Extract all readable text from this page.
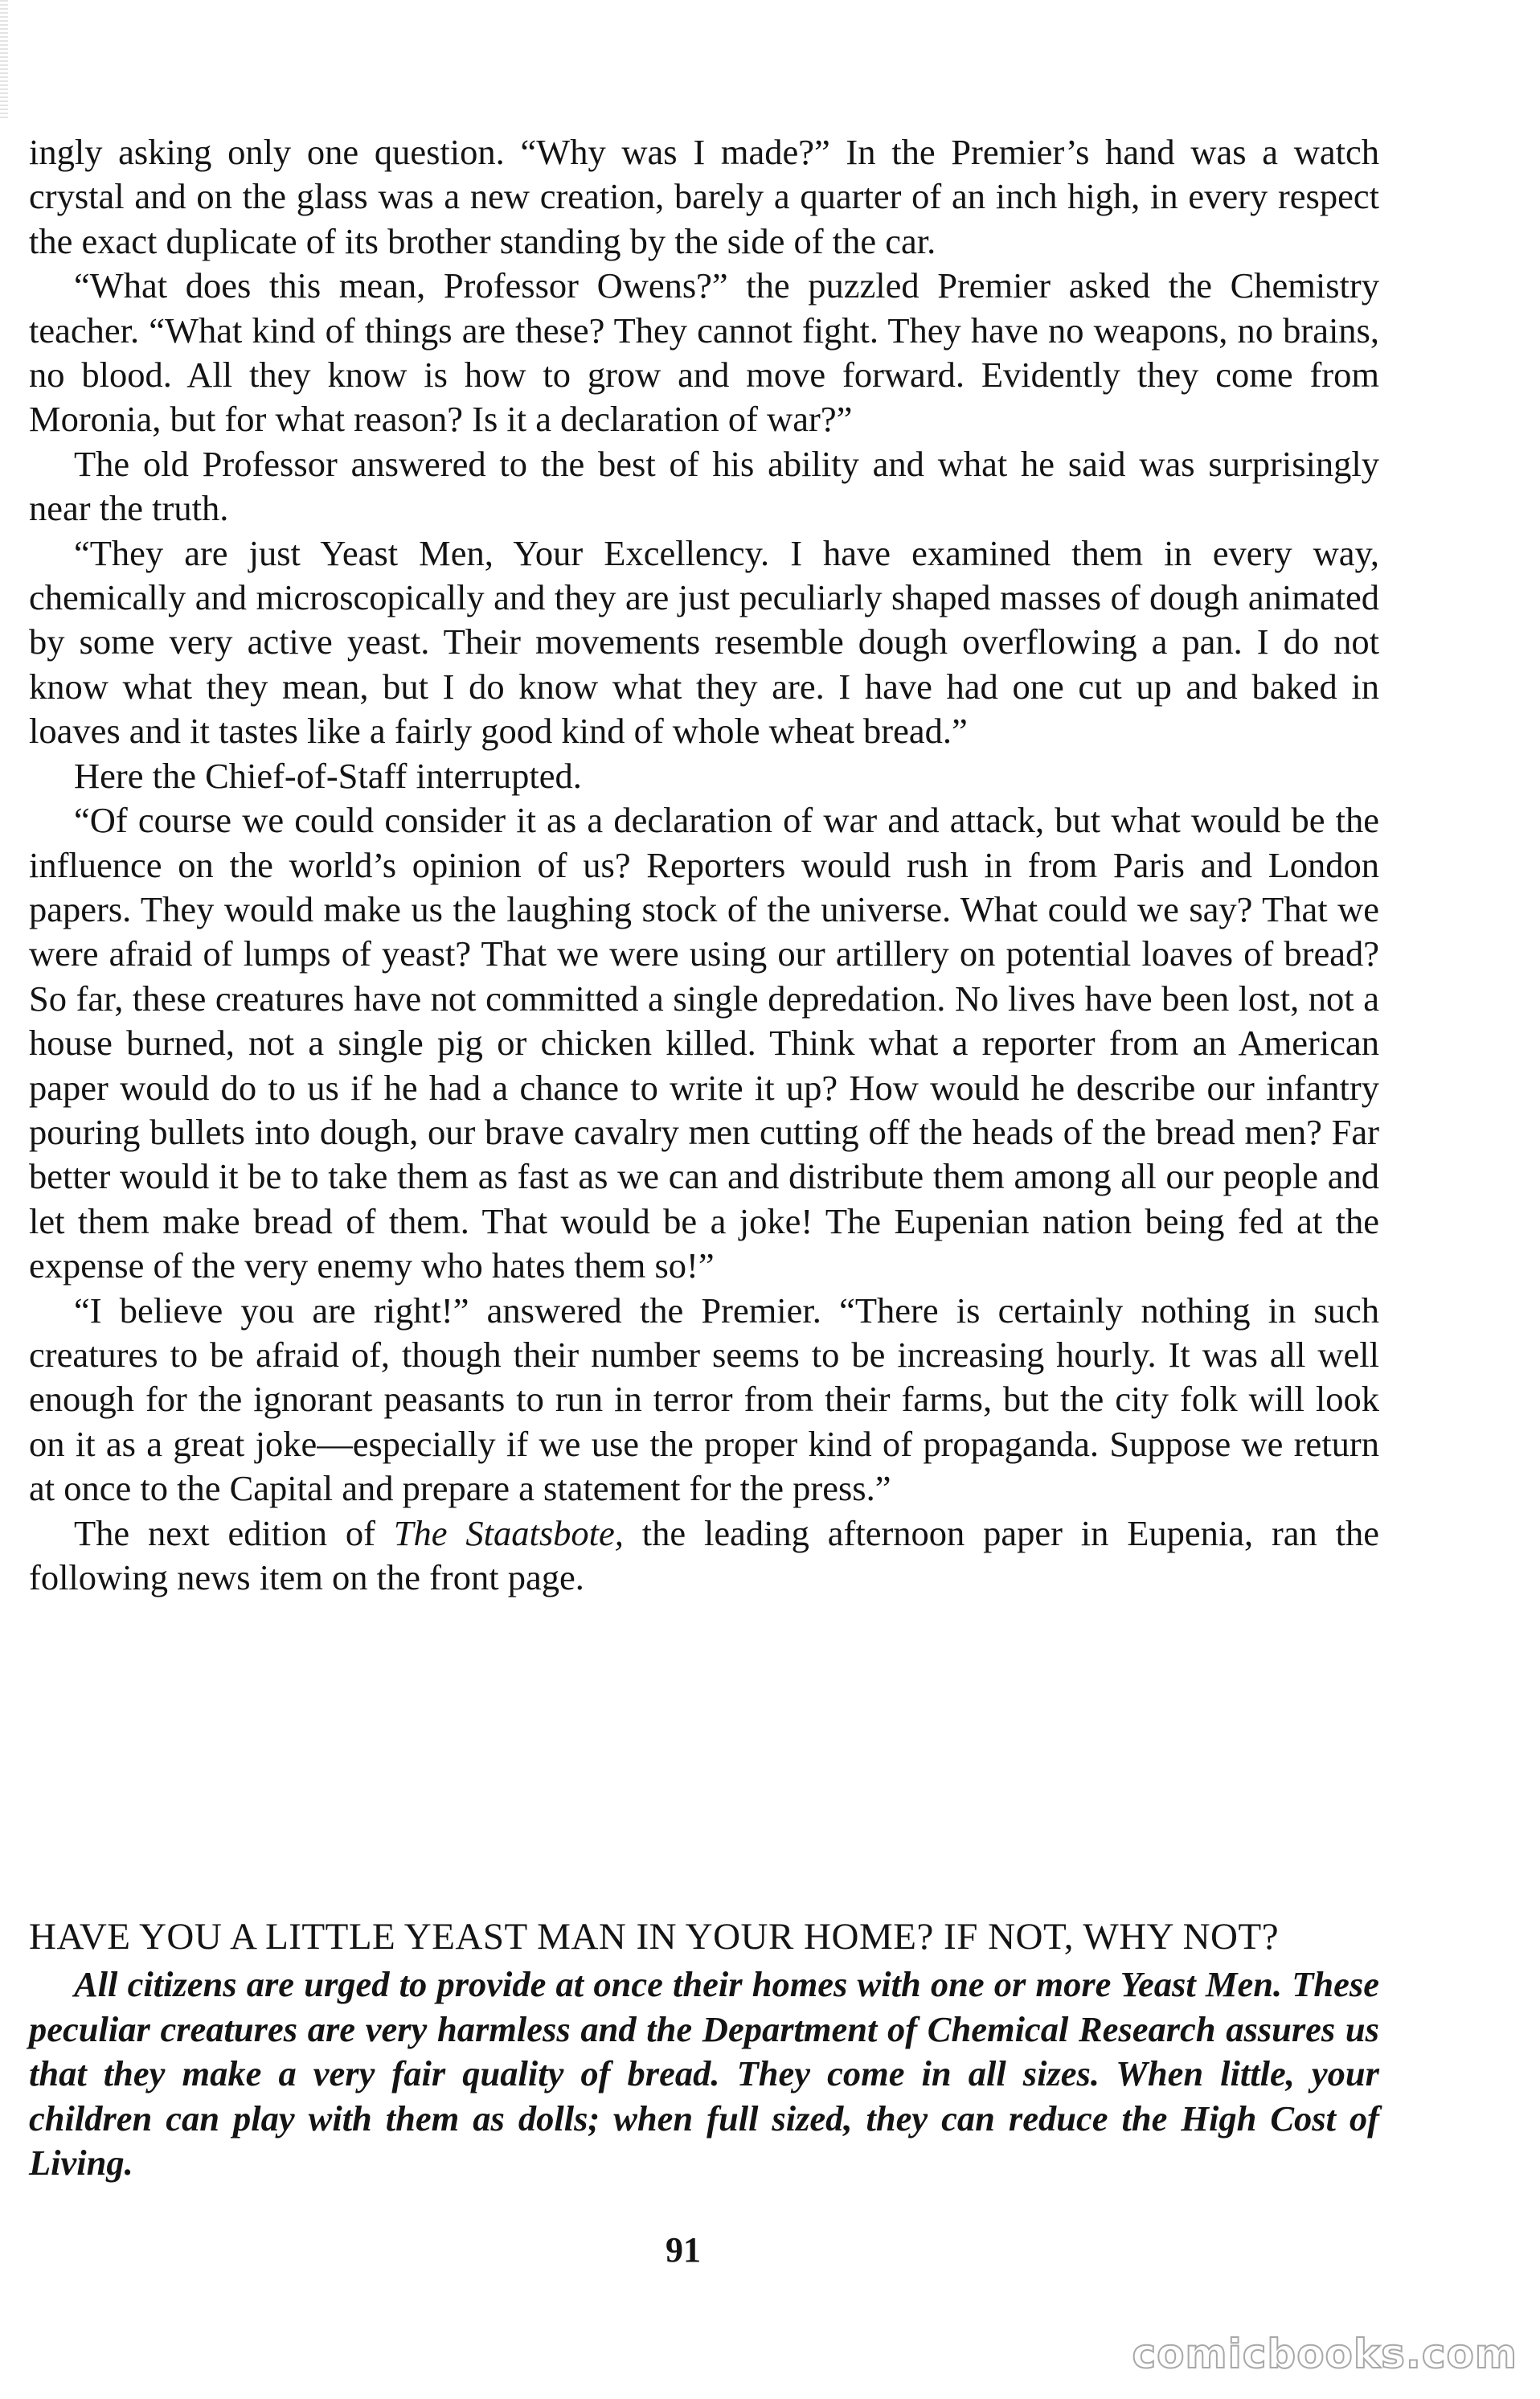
ingly asking only one question. “Why was I made?” In the Premier’s hand was a watch crystal and on the glass was a new creation, barely a quarter of an inch high, in every respect the exact duplicate of its brother standing by the side of the car.

“What does this mean, Professor Owens?” the puzzled Premier asked the Chemistry teacher. “What kind of things are these? They cannot fight. They have no weapons, no brains, no blood. All they know is how to grow and move forward. Evidently they come from Moronia, but for what reason? Is it a declaration of war?”

The old Professor answered to the best of his ability and what he said was surprisingly near the truth.

“They are just Yeast Men, Your Excellency. I have examined them in every way, chemically and microscopically and they are just peculiarly shaped masses of dough animated by some very active yeast. Their movements resemble dough overflowing a pan. I do not know what they mean, but I do know what they are. I have had one cut up and baked in loaves and it tastes like a fairly good kind of whole wheat bread.”

Here the Chief-of-Staff interrupted.

“Of course we could consider it as a declaration of war and attack, but what would be the influence on the world’s opinion of us? Reporters would rush in from Paris and London papers. They would make us the laughing stock of the universe. What could we say? That we were afraid of lumps of yeast? That we were using our artillery on potential loaves of bread? So far, these creatures have not committed a single depredation. No lives have been lost, not a house burned, not a single pig or chicken killed. Think what a reporter from an American paper would do to us if he had a chance to write it up? How would he describe our infantry pouring bullets into dough, our brave cavalry men cutting off the heads of the bread men? Far better would it be to take them as fast as we can and distribute them among all our people and let them make bread of them. That would be a joke! The Eupenian nation being fed at the expense of the very enemy who hates them so!”

“I believe you are right!” answered the Premier. “There is certainly nothing in such creatures to be afraid of, though their number seems to be increasing hourly. It was all well enough for the ignorant peasants to run in terror from their farms, but the city folk will look on it as a great joke—especially if we use the proper kind of propaganda. Suppose we return at once to the Capital and prepare a statement for the press.”

The next edition of The Staatsbote, the leading afternoon paper in Eupenia, ran the following news item on the front page.

HAVE YOU A LITTLE YEAST MAN IN YOUR HOME? IF NOT, WHY NOT?

All citizens are urged to provide at once their homes with one or more Yeast Men. These peculiar creatures are very harmless and the Department of Chemical Research assures us that they make a very fair quality of bread. They come in all sizes. When little, your children can play with them as dolls; when full sized, they can reduce the High Cost of Living.

91
comicbooks.com
